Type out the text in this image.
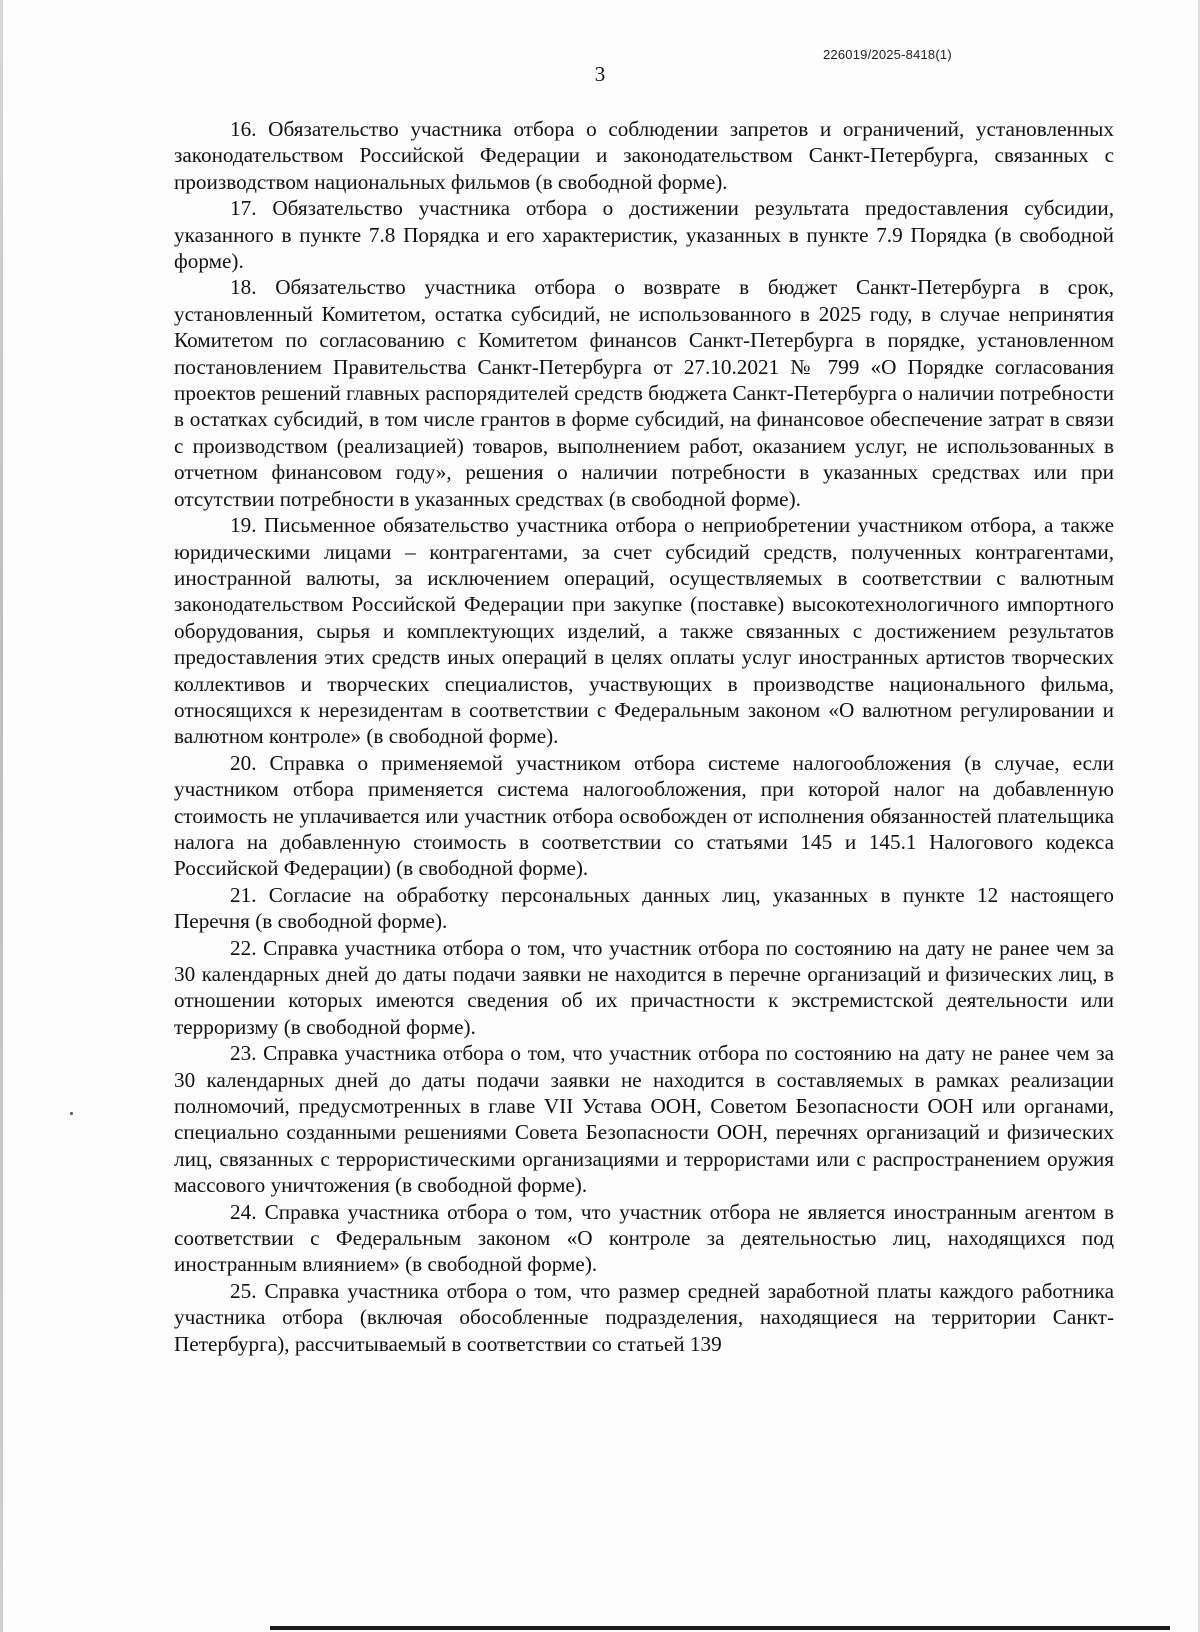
226019/2025-8418(1)
3

16. Обязательство участника отбора о соблюдении запретов и ограничений, установленных законодательством Российской Федерации и законодательством Санкт-Петербурга, связанных с производством национальных фильмов (в свободной форме).

17. Обязательство участника отбора о достижении результата предоставления субсидии, указанного в пункте 7.8 Порядка и его характеристик, указанных в пункте 7.9 Порядка (в свободной форме).

18. Обязательство участника отбора о возврате в бюджет Санкт-Петербурга в срок, установленный Комитетом, остатка субсидий, не использованного в 2025 году, в случае непринятия Комитетом по согласованию с Комитетом финансов Санкт-Петербурга в порядке, установленном постановлением Правительства Санкт-Петербурга от 27.10.2021 № 799 «О Порядке согласования проектов решений главных распорядителей средств бюджета Санкт-Петербурга о наличии потребности в остатках субсидий, в том числе грантов в форме субсидий, на финансовое обеспечение затрат в связи с производством (реализацией) товаров, выполнением работ, оказанием услуг, не использованных в отчетном финансовом году», решения о наличии потребности в указанных средствах или при отсутствии потребности в указанных средствах (в свободной форме).

19. Письменное обязательство участника отбора о неприобретении участником отбора, а также юридическими лицами – контрагентами, за счет субсидий средств, полученных контрагентами, иностранной валюты, за исключением операций, осуществляемых в соответствии с валютным законодательством Российской Федерации при закупке (поставке) высокотехнологичного импортного оборудования, сырья и комплектующих изделий, а также связанных с достижением результатов предоставления этих средств иных операций в целях оплаты услуг иностранных артистов творческих коллективов и творческих специалистов, участвующих в производстве национального фильма, относящихся к нерезидентам в соответствии с Федеральным законом «О валютном регулировании и валютном контроле» (в свободной форме).

20. Справка о применяемой участником отбора системе налогообложения (в случае, если участником отбора применяется система налогообложения, при которой налог на добавленную стоимость не уплачивается или участник отбора освобожден от исполнения обязанностей плательщика налога на добавленную стоимость в соответствии со статьями 145 и 145.1 Налогового кодекса Российской Федерации) (в свободной форме).

21. Согласие на обработку персональных данных лиц, указанных в пункте 12 настоящего Перечня (в свободной форме).

22. Справка участника отбора о том, что участник отбора по состоянию на дату не ранее чем за 30 календарных дней до даты подачи заявки не находится в перечне организаций и физических лиц, в отношении которых имеются сведения об их причастности к экстремистской деятельности или терроризму (в свободной форме).

23. Справка участника отбора о том, что участник отбора по состоянию на дату не ранее чем за 30 календарных дней до даты подачи заявки не находится в составляемых в рамках реализации полномочий, предусмотренных в главе VII Устава ООН, Советом Безопасности ООН или органами, специально созданными решениями Совета Безопасности ООН, перечнях организаций и физических лиц, связанных с террористическими организациями и террористами или с распространением оружия массового уничтожения (в свободной форме).

24. Справка участника отбора о том, что участник отбора не является иностранным агентом в соответствии с Федеральным законом «О контроле за деятельностью лиц, находящихся под иностранным влиянием» (в свободной форме).

25. Справка участника отбора о том, что размер средней заработной платы каждого работника участника отбора (включая обособленные подразделения, находящиеся на территории Санкт-Петербурга), рассчитываемый в соответствии со статьей 139
